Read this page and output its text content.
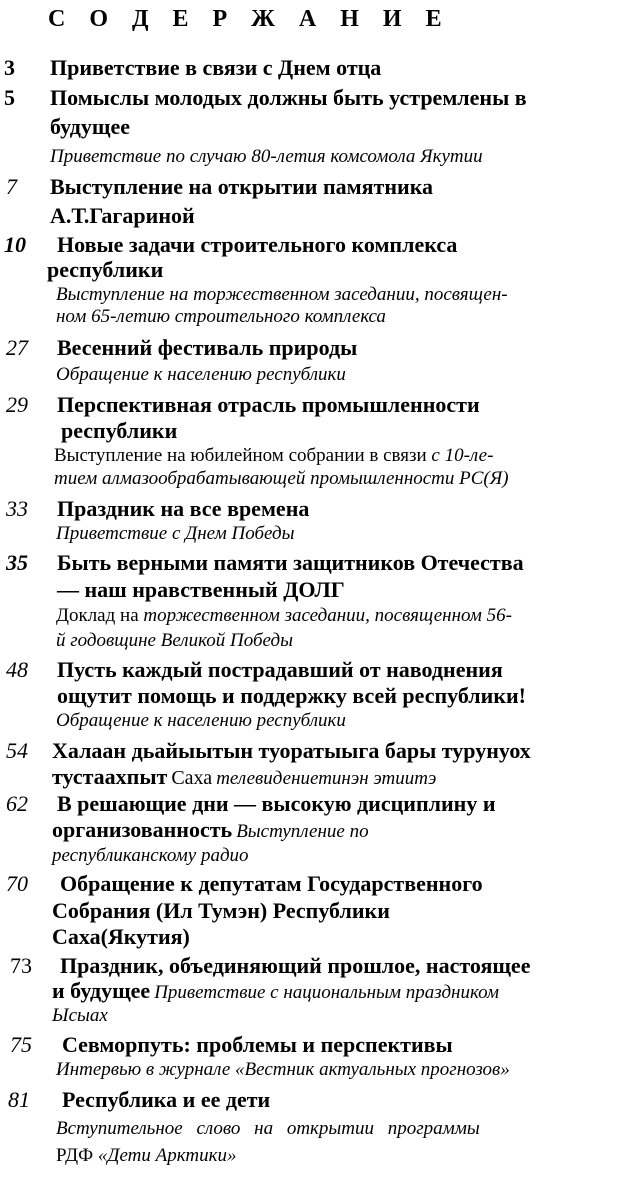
С О Д Е Р Ж А Н И Е
3 Приветствие в связи с Днем отца
5 Помыслы молодых должны быть устремлены в
будущее
Приветствие по случаю 80-летия комсомола Якутии
7 Выступление на открытии памятника
А.Т.Гагариной
10 Новые задачи строительного комплекса
республики
Выступление на торжественном заседании, посвящен-
ном 65-летию строительного комплекса
27 Весенний фестиваль природы
Обращение к населению республики
29 Перспективная отрасль промышленности
республики
Выступление на юбилейном собрании в связи с 10-ле-
тием алмазообрабатывающей промышленности РС(Я)
33 Праздник на все времена
Приветствие с Днем Победы
35 Быть верными памяти защитников Отечества
— наш нравственный ДОЛГ
Доклад на торжественном заседании, посвященном 56-
й годовщине Великой Победы
48 Пусть каждый пострадавший от наводнения
ощутит помощь и поддержку всей республики!
Обращение к населению республики
54 Халаан дьайыытын туоратыыга бары турунуох
тустаахпыт Саха телевидениетинэн этиитэ
62 В решающие дни — высокую дисциплину и
организованность Выступление по
республиканскому радио
70 Обращение к депутатам Государственного
Собрания (Ил Тумэн) Республики
Саха(Якутия)
73 Праздник, объединяющий прошлое, настоящее
и будущее Приветствие с национальным праздником
Ысыах
75 Севморпуть: проблемы и перспективы
Интервью в журнале «Вестник актуальных прогнозов»
81 Республика и ее дети
Вступительное слово на открытии программы
РДФ «Дети Арктики»
